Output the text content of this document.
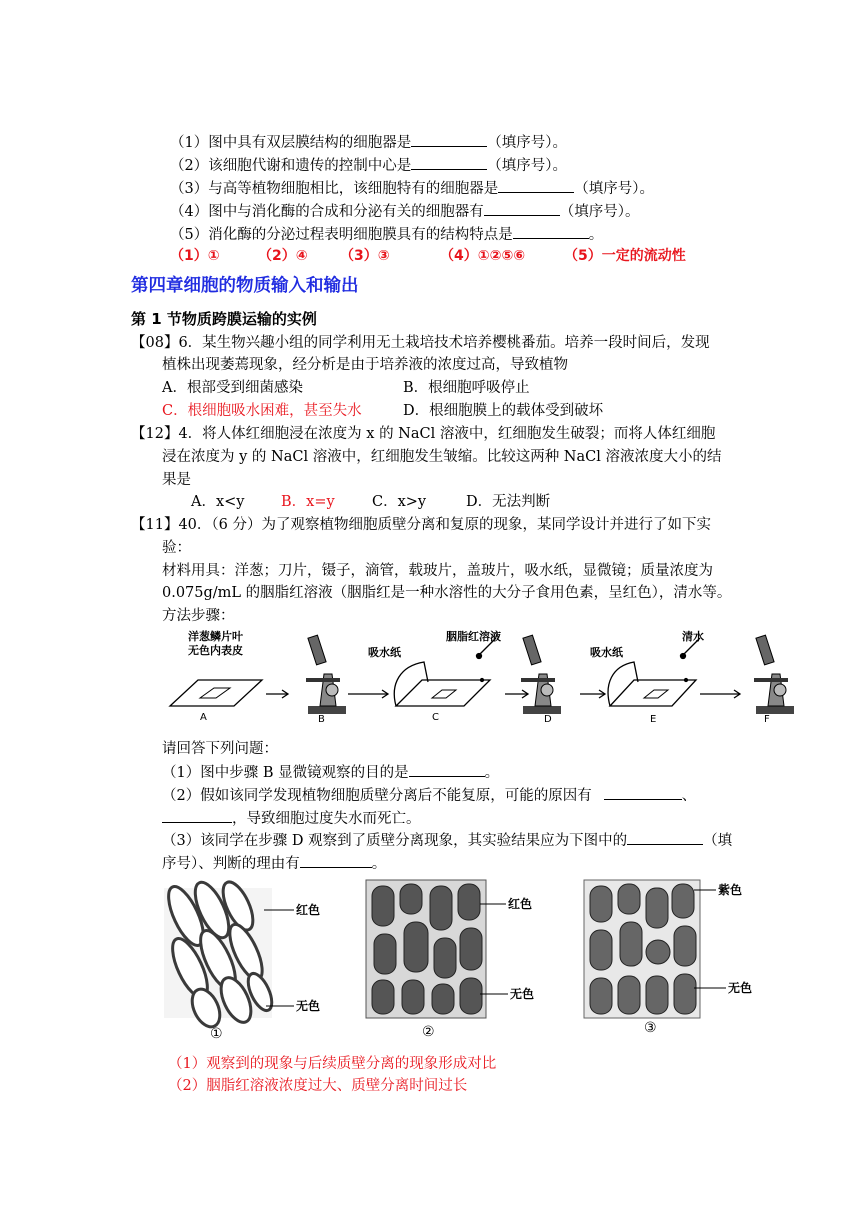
（1）图中具有双层膜结构的细胞器是	（填序号）。
（2）该细胞代谢和遗传的控制中心是	（填序号）。
（3）与高等植物细胞相比，该细胞特有的细胞器是	（填序号）。
（4）图中与消化酶的合成和分泌有关的细胞器有	（填序号）。
（5）消化酶的分泌过程表明细胞膜具有的结构特点是	。
（1）①	（2）④ （3）③	（4）①②⑤⑥	（5）一定的流动性
第四章细胞的物质输入和输出
第 1 节物质跨膜运输的实例
【08】6．某生物兴趣小组的同学利用无土栽培技术培养樱桃番茄。培养一段时间后，发现
植株出现萎蔫现象，经分析是由于培养液的浓度过高，导致植物
A．根部受到细菌感染	B．根细胞呼吸停止
C．根细胞吸水困难，甚至失水	D．根细胞膜上的载体受到破坏
【12】4．将人体红细胞浸在浓度为 x 的 NaCl 溶液中，红细胞发生破裂；而将人体红细胞
浸在浓度为 y 的 NaCl 溶液中，红细胞发生皱缩。比较这两种 NaCl 溶液浓度大小的结
果是
A．x<y	B．x=y	C．x>y	D．无法判断
【11】40．（6 分）为了观察植物细胞质壁分离和复原的现象，某同学设计并进行了如下实
验：
材料用具：洋葱；刀片，镊子，滴管，载玻片，盖玻片，吸水纸，显微镜；质量浓度为
0.075g/mL 的胭脂红溶液（胭脂红是一种水溶性的大分子食用色素，呈红色），清水等。
方法步骤：
洋葱鳞片叶
无色内表皮	吸水纸
胭脂红溶液
吸水纸
清水
A	B	C	D	E	F
请回答下列问题：
（1）图中步骤 B 显微镜观察的目的是	。
（2）假如该同学发现植物细胞质壁分离后不能复原，可能的原因有	、
，导致细胞过度失水而死亡。
（3）该同学在步骤 D 观察到了质壁分离现象，其实验结果应为下图中的	（填
序号）、判断的理由有	。
红色
无色
①
红色
无色
②
紫色
无色
③
（1）观察到的现象与后续质壁分离的现象形成对比
（2）胭脂红溶液浓度过大、质壁分离时间过长
